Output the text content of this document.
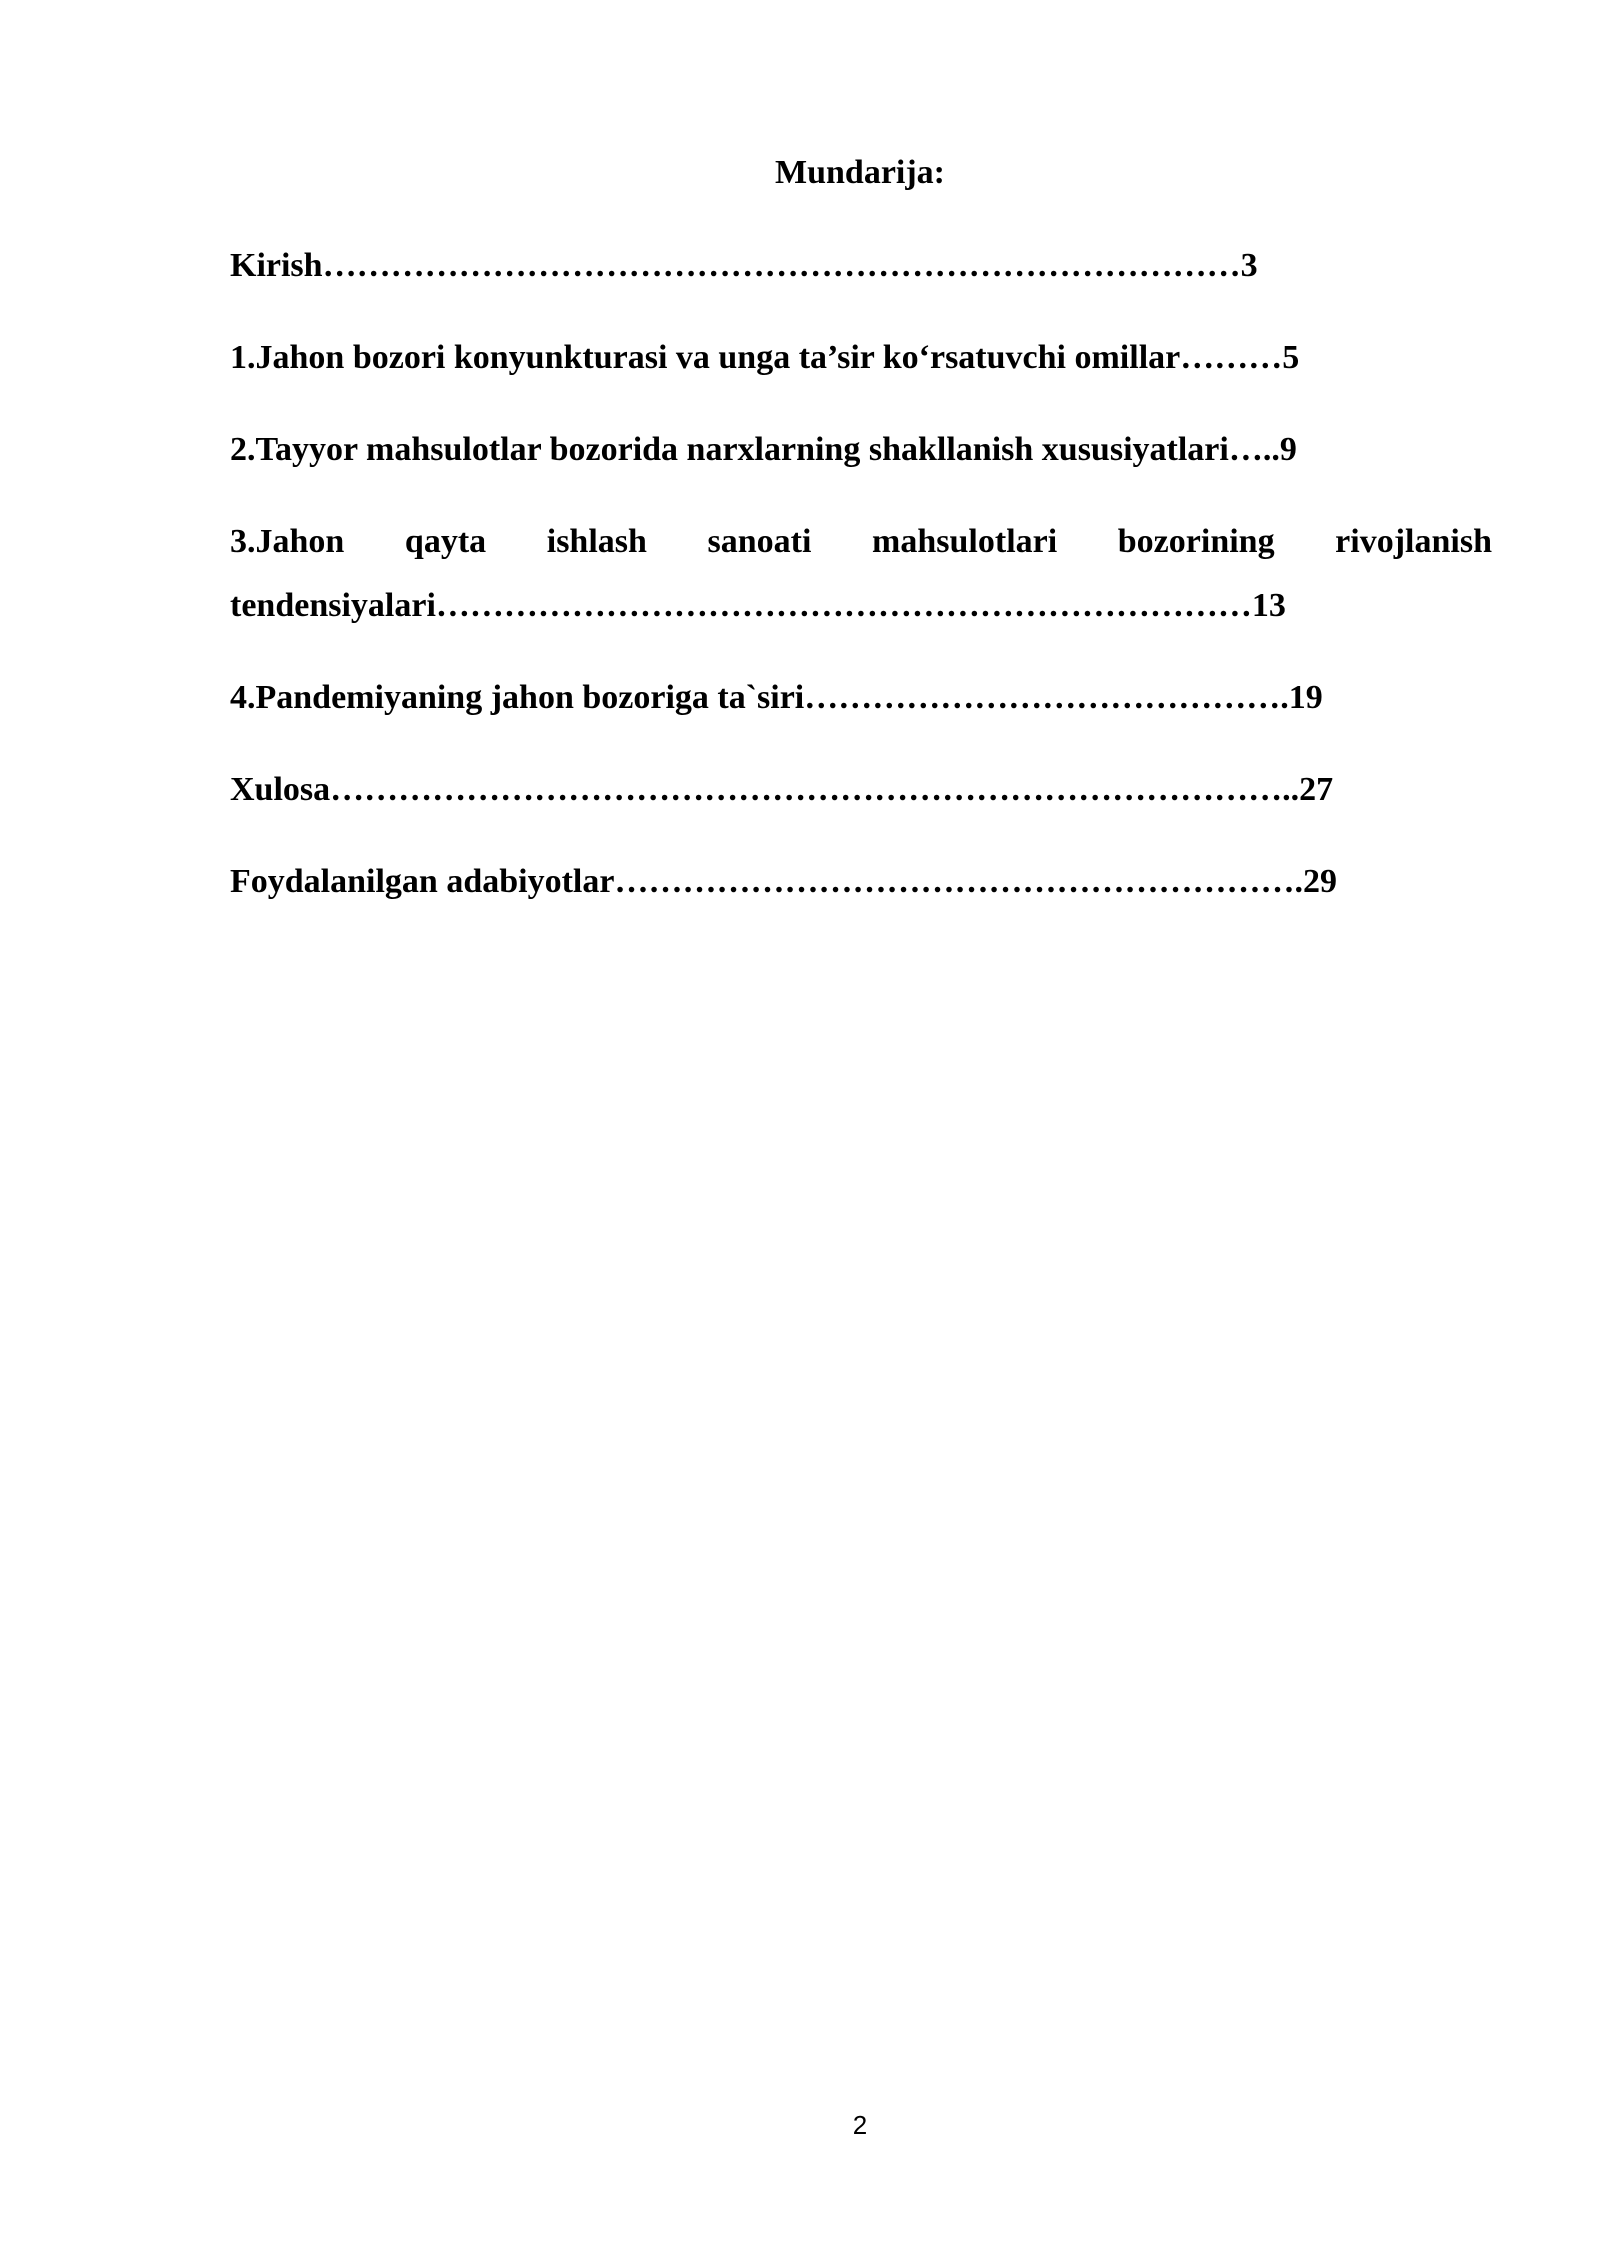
Mundarija:
Kirish………………………………………………………………………3
1.Jahon bozori konyunkturasi va unga ta’sir ko‘rsatuvchi omillar………5
2.Tayyor mahsulotlar bozorida narxlarning shakllanish xususiyatlari…..9
3.Jahon qayta ishlash sanoati mahsulotlari bozorining rivojlanish
tendensiyalari………………………………………………………………13
4.Pandemiyaning jahon bozoriga ta`siri…………………………………….19
Xulosa…………………………………………………………………………..27
Foydalanilgan adabiyotlar…………………………………………………….29
2
